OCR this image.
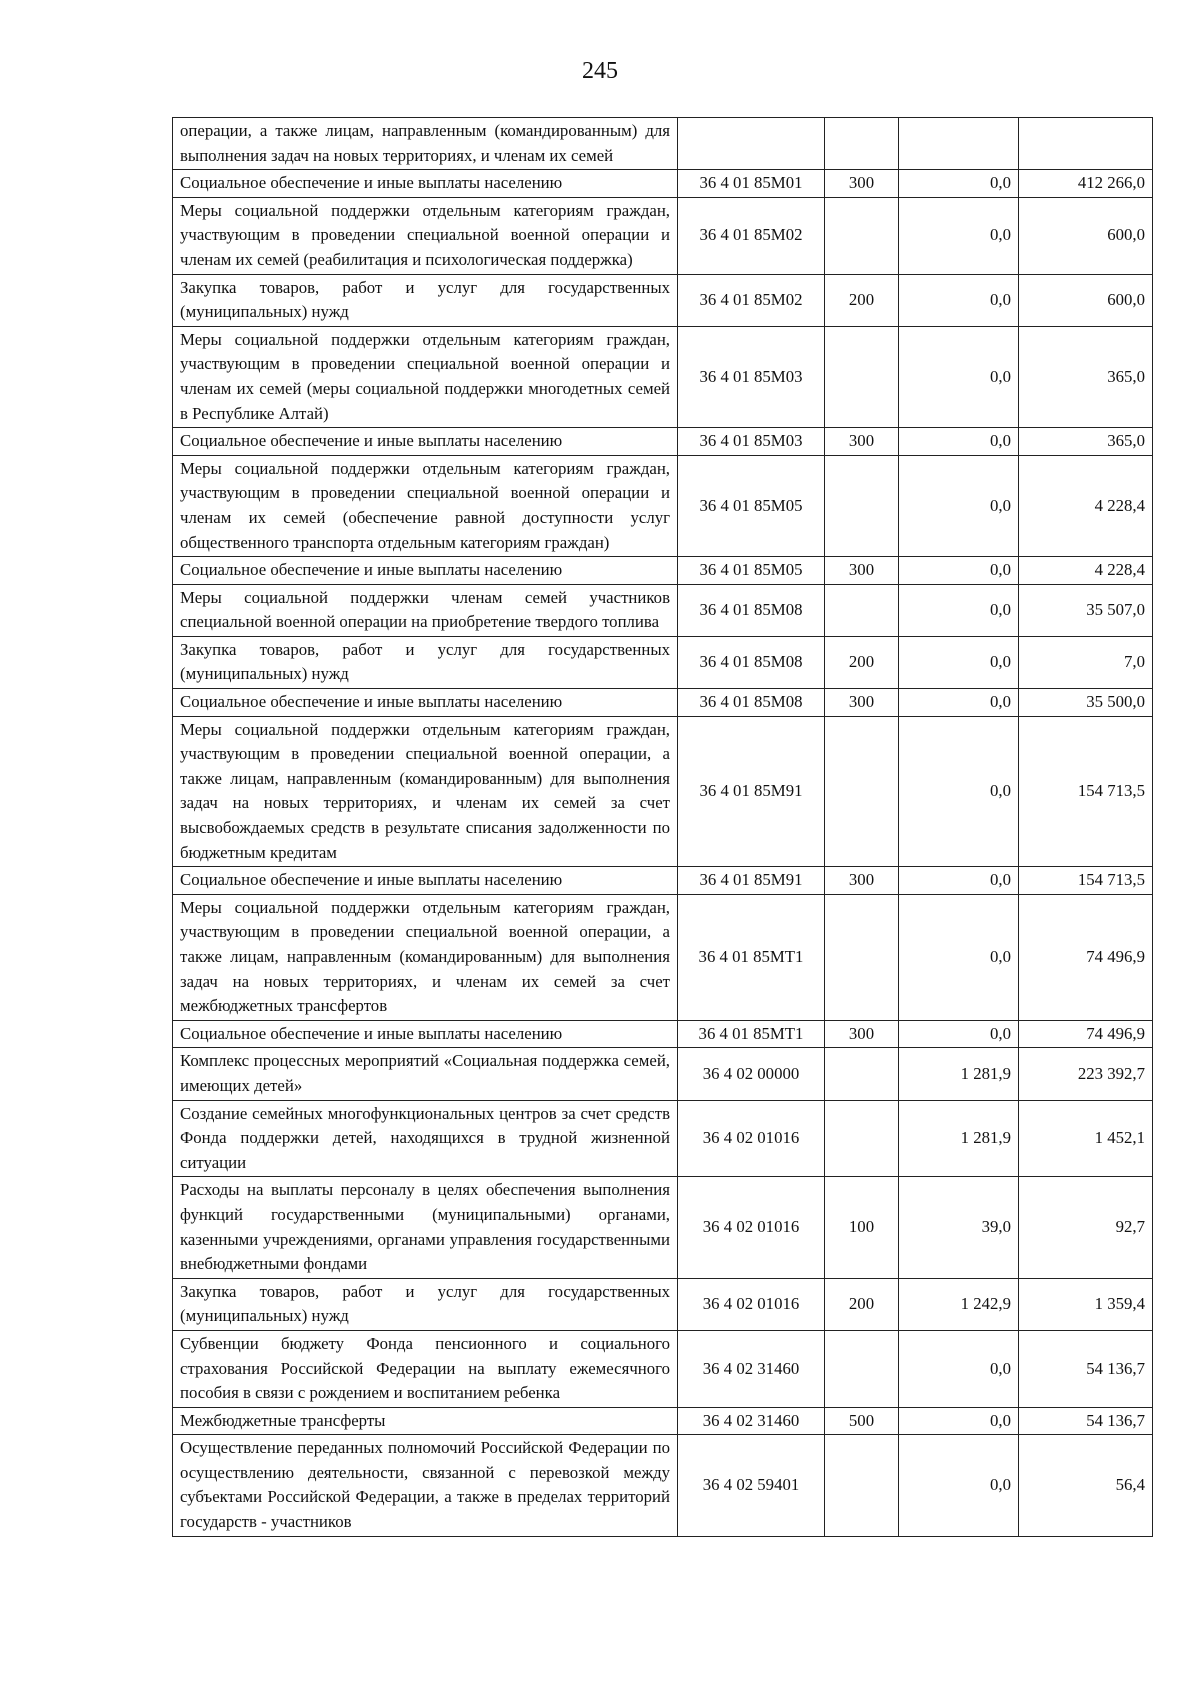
245
операции, а также лицам, направленным (командированным) для выполнения задач на новых территориях, и членам их семей				
Социальное обеспечение и иные выплаты населению	36 4 01 85М01	300	0,0	412 266,0
Меры социальной поддержки отдельным категориям граждан, участвующим в проведении специальной военной операции и членам их семей (реабилитация и психологическая поддержка)	36 4 01 85М02		0,0	600,0
Закупка товаров, работ и услуг для государственных (муниципальных) нужд	36 4 01 85М02	200	0,0	600,0
Меры социальной поддержки отдельным категориям граждан, участвующим в проведении специальной военной операции и членам их семей (меры социальной поддержки многодетных семей в Республике Алтай)	36 4 01 85М03		0,0	365,0
Социальное обеспечение и иные выплаты населению	36 4 01 85М03	300	0,0	365,0
Меры социальной поддержки отдельным категориям граждан, участвующим в проведении специальной военной операции и членам их семей (обеспечение равной доступности услуг общественного транспорта отдельным категориям граждан)	36 4 01 85М05		0,0	4 228,4
Социальное обеспечение и иные выплаты населению	36 4 01 85М05	300	0,0	4 228,4
Меры социальной поддержки членам семей участников специальной военной операции на приобретение твердого топлива	36 4 01 85М08		0,0	35 507,0
Закупка товаров, работ и услуг для государственных (муниципальных) нужд	36 4 01 85М08	200	0,0	7,0
Социальное обеспечение и иные выплаты населению	36 4 01 85М08	300	0,0	35 500,0
Меры социальной поддержки отдельным категориям граждан, участвующим в проведении специальной военной операции, а также лицам, направленным (командированным) для выполнения задач на новых территориях, и членам их семей за счет высвобождаемых средств в результате списания задолженности по бюджетным кредитам	36 4 01 85М91		0,0	154 713,5
Социальное обеспечение и иные выплаты населению	36 4 01 85М91	300	0,0	154 713,5
Меры социальной поддержки отдельным категориям граждан, участвующим в проведении специальной военной операции, а также лицам, направленным (командированным) для выполнения задач на новых территориях, и членам их семей за счет межбюджетных трансфертов	36 4 01 85МТ1		0,0	74 496,9
Социальное обеспечение и иные выплаты населению	36 4 01 85МТ1	300	0,0	74 496,9
Комплекс процессных мероприятий «Социальная поддержка семей, имеющих детей»	36 4 02 00000		1 281,9	223 392,7
Создание семейных многофункциональных центров за счет средств Фонда поддержки детей, находящихся в трудной жизненной ситуации	36 4 02 01016		1 281,9	1 452,1
Расходы на выплаты персоналу в целях обеспечения выполнения функций государственными (муниципальными) органами, казенными учреждениями, органами управления государственными внебюджетными фондами	36 4 02 01016	100	39,0	92,7
Закупка товаров, работ и услуг для государственных (муниципальных) нужд	36 4 02 01016	200	1 242,9	1 359,4
Субвенции бюджету Фонда пенсионного и социального страхования Российской Федерации на выплату ежемесячного пособия в связи с рождением и воспитанием ребенка	36 4 02 31460		0,0	54 136,7
Межбюджетные трансферты	36 4 02 31460	500	0,0	54 136,7
Осуществление переданных полномочий Российской Федерации по осуществлению деятельности, связанной с перевозкой между субъектами Российской Федерации, а также в пределах территорий государств - участников	36 4 02 59401		0,0	56,4
